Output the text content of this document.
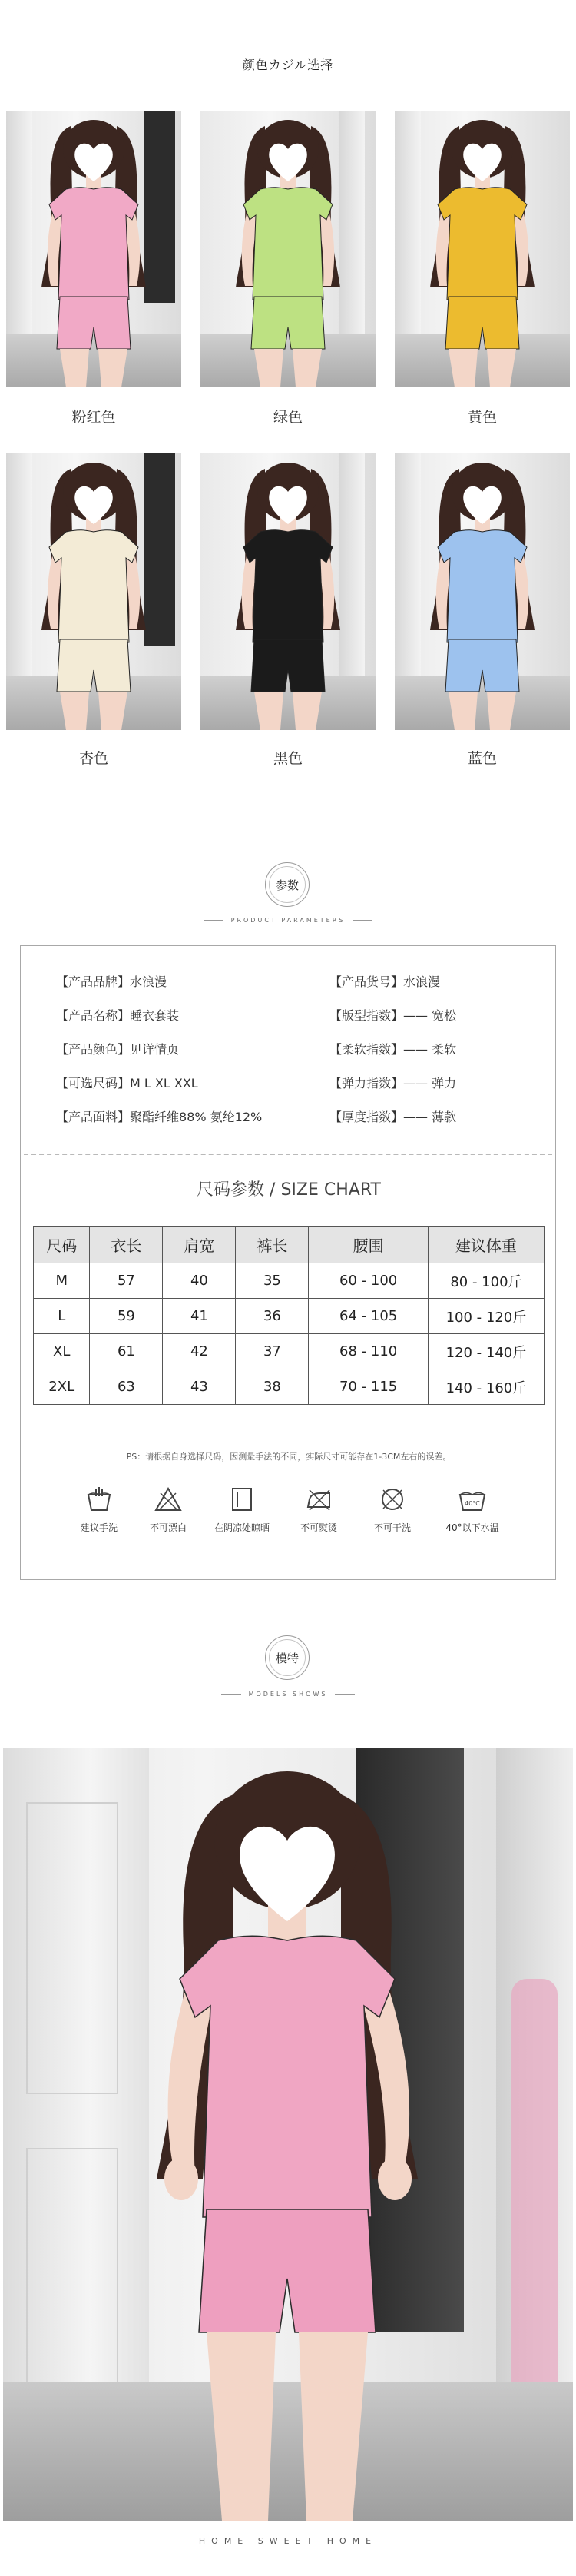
颜色カジル选择
粉红色	绿色	黄色
杏色	黑色	蓝色
参数
PRODUCT PARAMETERS
【产品品牌】水浪漫	【产品货号】水浪漫
【产品名称】睡衣套装	【版型指数】—— 宽松
【产品颜色】见详情页	【柔软指数】—— 柔软
【可选尺码】M L XL XXL	【弹力指数】—— 弹力
【产品面料】聚酯纤维88% 氨纶12%	【厚度指数】—— 薄款
尺码参数 / SIZE CHART
尺码	衣长	肩宽	裤长	腰围	建议体重
M	57	40	35	60 - 100	80 - 100斤
L	59	41	36	64 - 105	100 - 120斤
XL	61	42	37	68 - 110	120 - 140斤
2XL	63	43	38	70 - 115	140 - 160斤
PS：请根据自身选择尺码，因测量手法的不同，实际尺寸可能存在1-3CM左右的误差。
建议手洗	不可漂白	在阴凉处晾晒	不可熨烫	不可干洗
40°C
40°以下水温
模特
MODELS SHOWS
HOME SWEET HOME
